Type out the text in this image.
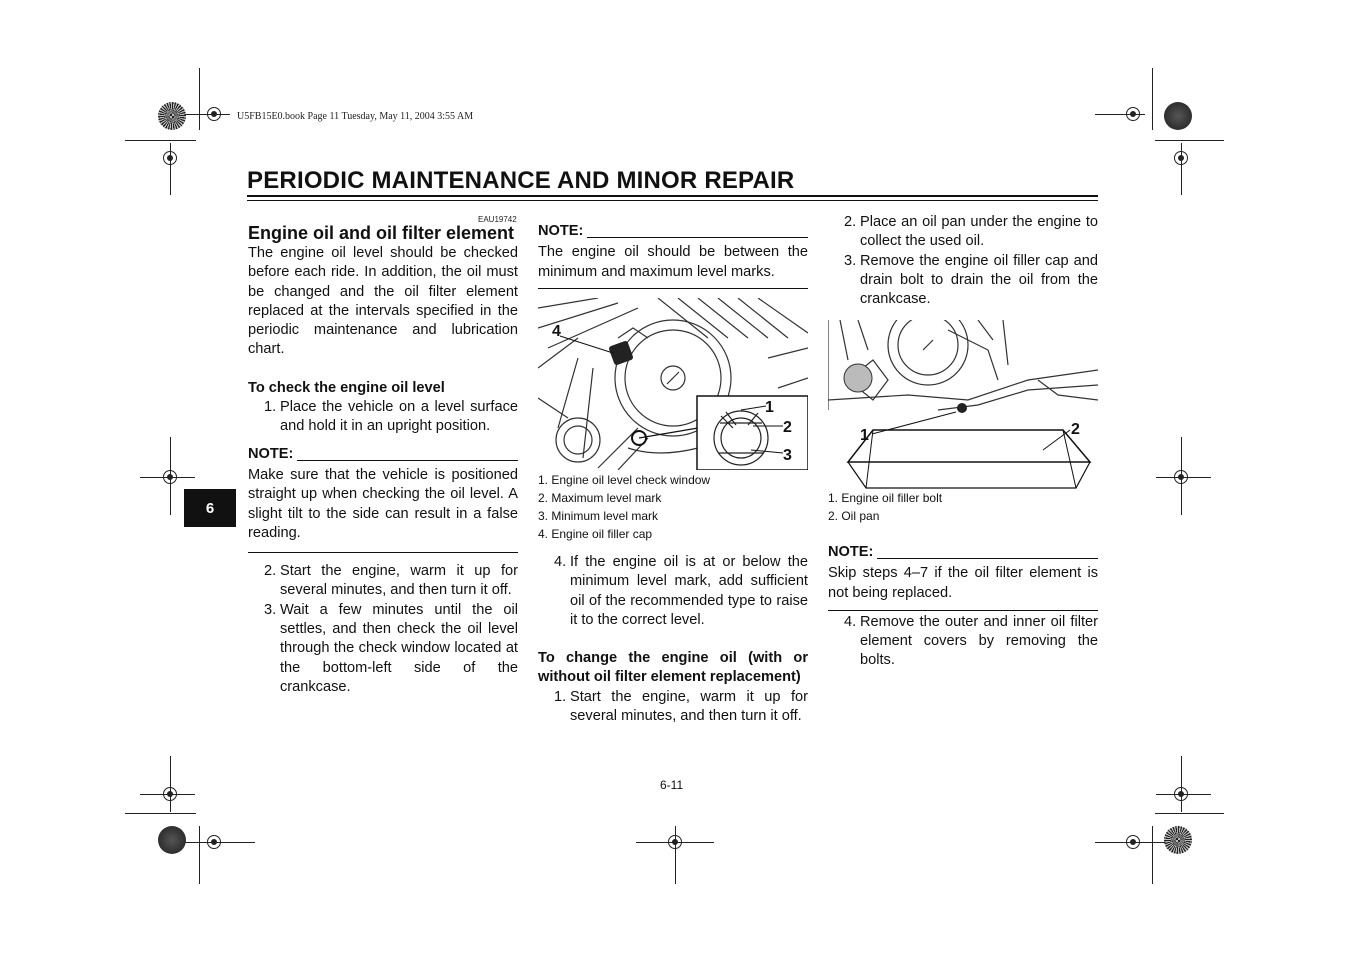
U5FB15E0.book Page 11 Tuesday, May 11, 2004 3:55 AM
PERIODIC MAINTENANCE AND MINOR REPAIR
EAU19742
6
Engine oil and oil filter element
The engine oil level should be checked before each ride. In addition, the oil must be changed and the oil filter element replaced at the intervals specified in the periodic maintenance and lubrication chart.
To check the engine oil level
1. Place the vehicle on a level surface and hold it in an upright position.
NOTE:
Make sure that the vehicle is positioned straight up when checking the oil level. A slight tilt to the side can result in a false reading.
2. Start the engine, warm it up for several minutes, and then turn it off.
3. Wait a few minutes until the oil settles, and then check the oil level through the check window located at the bottom-left side of the crankcase.
NOTE:
The engine oil should be between the minimum and maximum level marks.
4
1
2
3
1. Engine oil level check window
2. Maximum level mark
3. Minimum level mark
4. Engine oil filler cap
4. If the engine oil is at or below the minimum level mark, add sufficient oil of the recommended type to raise it to the correct level.
To change the engine oil (with or without oil filter element replacement)
1. Start the engine, warm it up for several minutes, and then turn it off.
2. Place an oil pan under the engine to collect the used oil.
3. Remove the engine oil filler cap and drain bolt to drain the oil from the crankcase.
1	2
1. Engine oil filler bolt
2. Oil pan
NOTE:
Skip steps 4–7 if the oil filter element is not being replaced.
4. Remove the outer and inner oil filter element covers by removing the bolts.
6-11
